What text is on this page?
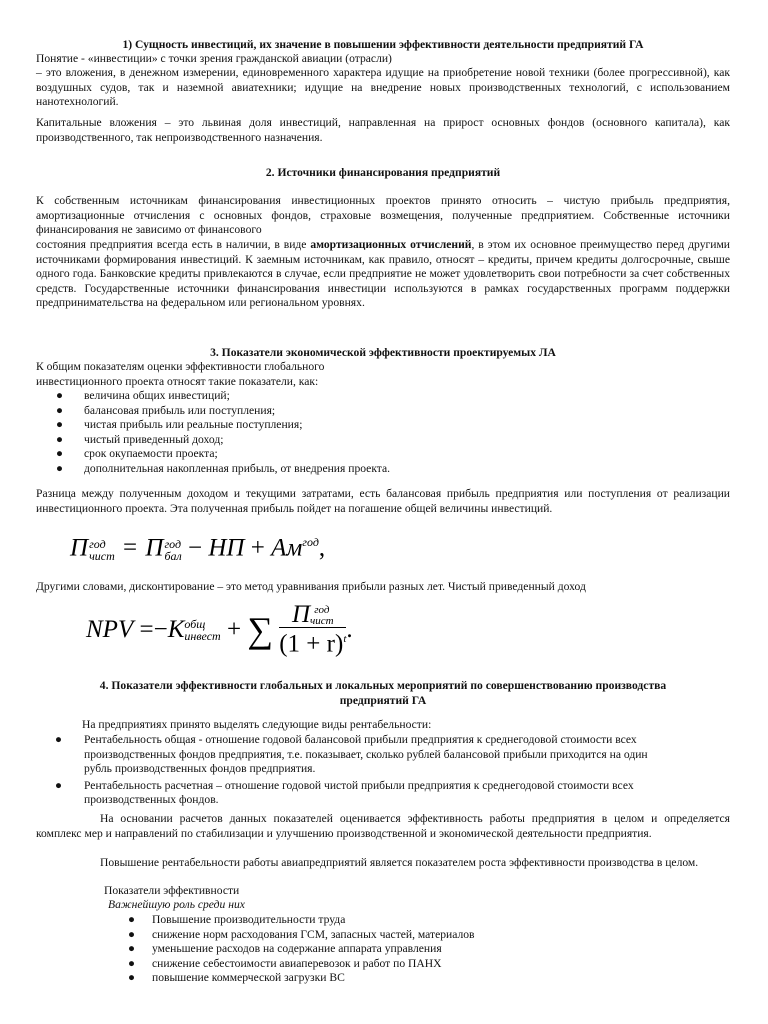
1) Сущность инвестиций, их значение в повышении эффективности деятельности предприятий ГА
Понятие - «инвестиции» с точки зрения гражданской авиации (отрасли)
– это вложения, в денежном измерении, единовременного характера идущие на приобретение новой техники (более прогрессивной), как воздушных судов, так и наземной авиатехники; идущие на внедрение новых производственных технологий, с использованием нанотехнологий.
Капитальные вложения – это львиная доля инвестиций, направленная на прирост основных фондов (основного капитала), как производственного, так непроизводственного назначения.
2. Источники финансирования предприятий
К собственным источникам финансирования инвестиционных проектов принято относить – чистую прибыль предприятия, амортизационные отчисления с основных фондов, страховые возмещения, полученные предприятием. Собственные источники финансирования не зависимо от финансового
состояния предприятия всегда есть в наличии, в виде амортизационных отчислений, в этом их основное преимущество перед другими источниками формирования инвестиций. К заемным источникам, как правило, относят – кредиты, причем кредиты долгосрочные, свыше одного года. Банковские кредиты привлекаются в случае, если предприятие не может удовлетворить свои потребности за счет собственных средств. Государственные источники финансирования инвестиции используются в рамках государственных программ поддержки предпринимательства на федеральном или региональном уровнях.
3. Показатели экономической эффективности проектируемых ЛА
К общим показателям оценки эффективности глобального
инвестиционного проекта относят такие показатели, как:
● величина общих инвестиций;
● балансовая прибыль или поступления;
● чистая прибыль или реальные поступления;
● чистый приведенный доход;
● срок окупаемости проекта;
● дополнительная накопленная прибыль, от внедрения проекта.
Разница между полученным доходом и текущими затратами, есть балансовая прибыль предприятия или поступления от реализации инвестиционного проекта. Эта полученная прибыль пойдет на погашение общей величины инвестиций.
П год
чист = П год
бал − НП + $Ам^{год}$,
Другими словами, дисконтирование – это метод уравнивания прибыли разных лет. Чистый приведенный доход
NPV =−K общ
инвест + ∑ П год
чист
$(1 + r)^t$ .
4. Показатели эффективности глобальных и локальных мероприятий по совершенствованию производства
предприятий ГА
На предприятиях принято выделять следующие виды рентабельности:
● Рентабельность общая - отношение годовой балансовой прибыли предприятия к среднегодовой стоимости всех
производственных фондов предприятия, т.е. показывает, сколько рублей балансовой прибыли приходится на один
рубль производственных фондов предприятия.
● Рентабельность расчетная – отношение годовой чистой прибыли предприятия к среднегодовой стоимости всех
производственных фондов.
На основании расчетов данных показателей оценивается эффективность работы предприятия в целом и определяется комплекс мер и направлений по стабилизации и улучшению производственной и экономической деятельности предприятия.
Повышение рентабельности работы авиапредприятий является показателем роста эффективности производства в целом.
Показатели эффективности
Важнейшую роль среди них
● Повышение производительности труда
● снижение норм расходования ГСМ, запасных частей, материалов
● уменьшение расходов на содержание аппарата управления
● снижение себестоимости авиаперевозок и работ по ПАНХ
● повышение коммерческой загрузки ВС
